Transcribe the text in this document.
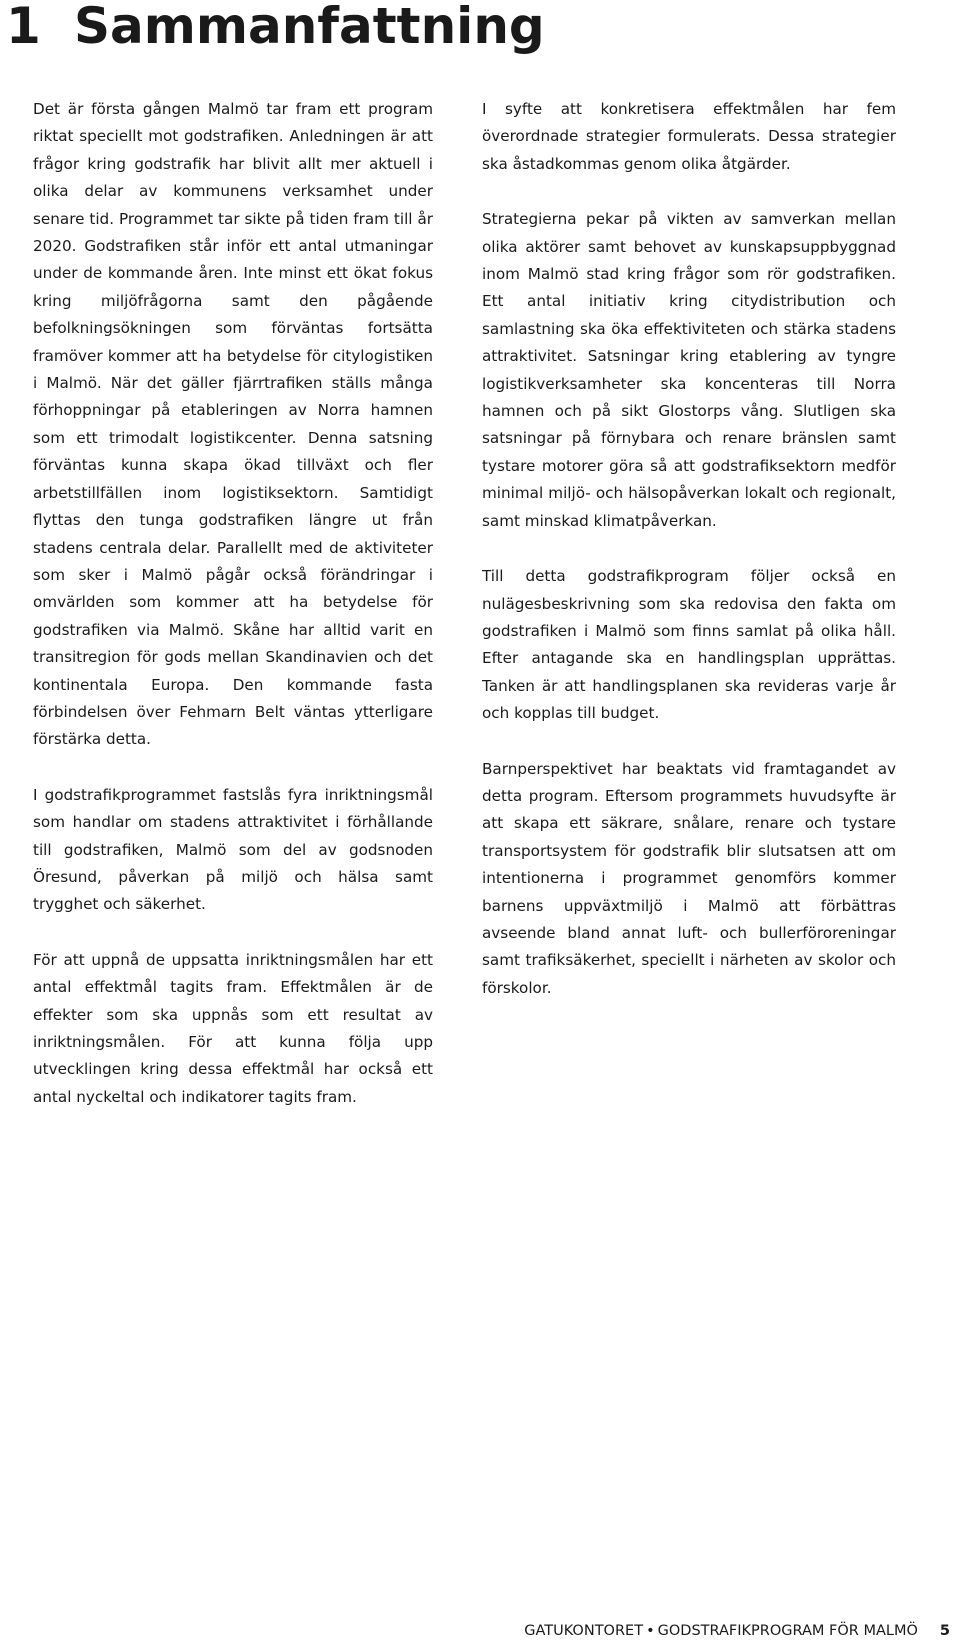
1 Sammanfattning

Det är första gången Malmö tar fram ett program riktat speciellt mot godstrafiken. Anledningen är att frågor kring godstrafik har blivit allt mer aktuell i olika delar av kommunens verksamhet under senare tid. Programmet tar sikte på tiden fram till år 2020. Godstrafiken står inför ett antal utmaningar under de kommande åren. Inte minst ett ökat fokus kring miljöfrågorna samt den pågående befolkningsökningen som förväntas fortsätta framöver kommer att ha betydelse för citylogistiken i Malmö. När det gäller fjärrtrafiken ställs många förhoppningar på etableringen av Norra hamnen som ett trimodalt logistikcenter. Denna satsning förväntas kunna skapa ökad tillväxt och fler arbetstillfällen inom logistiksektorn. Samtidigt flyttas den tunga godstrafiken längre ut från stadens centrala delar. Parallellt med de aktiviteter som sker i Malmö pågår också förändringar i omvärlden som kommer att ha betydelse för godstrafiken via Malmö. Skåne har alltid varit en transitregion för gods mellan Skandinavien och det kontinentala Europa. Den kommande fasta förbindelsen över Fehmarn Belt väntas ytterligare förstärka detta.

I godstrafikprogrammet fastslås fyra inriktningsmål som handlar om stadens attraktivitet i förhållande till godstrafiken, Malmö som del av godsnoden Öresund, påverkan på miljö och hälsa samt trygghet och säkerhet.

För att uppnå de uppsatta inriktningsmålen har ett antal effektmål tagits fram. Effektmålen är de effekter som ska uppnås som ett resultat av inriktningsmålen. För att kunna följa upp utvecklingen kring dessa effektmål har också ett antal nyckeltal och indikatorer tagits fram.

I syfte att konkretisera effektmålen har fem överordnade strategier formulerats. Dessa strategier ska åstadkommas genom olika åtgärder.

Strategierna pekar på vikten av samverkan mellan olika aktörer samt behovet av kunskapsuppbyggnad inom Malmö stad kring frågor som rör godstrafiken. Ett antal initiativ kring citydistribution och samlastning ska öka effektiviteten och stärka stadens attraktivitet. Satsningar kring etablering av tyngre logistikverksamheter ska koncenteras till Norra hamnen och på sikt Glostorps vång. Slutligen ska satsningar på förnybara och renare bränslen samt tystare motorer göra så att godstrafiksektorn medför minimal miljö- och hälsopåverkan lokalt och regionalt, samt minskad klimatpåverkan.

Till detta godstrafikprogram följer också en nulägesbeskrivning som ska redovisa den fakta om godstrafiken i Malmö som finns samlat på olika håll. Efter antagande ska en handlingsplan upprättas. Tanken är att handlingsplanen ska revideras varje år och kopplas till budget.

Barnperspektivet har beaktats vid framtagandet av detta program. Eftersom programmets huvudsyfte är att skapa ett säkrare, snålare, renare och tystare transportsystem för godstrafik blir slutsatsen att om intentionerna i programmet genomförs kommer barnens uppväxtmiljö i Malmö att förbättras avseende bland annat luft- och bullerföroreningar samt trafiksäkerhet, speciellt i närheten av skolor och förskolor.

GATUKONTORET • GODSTRAFIKPROGRAM FÖR MALMÖ 5
